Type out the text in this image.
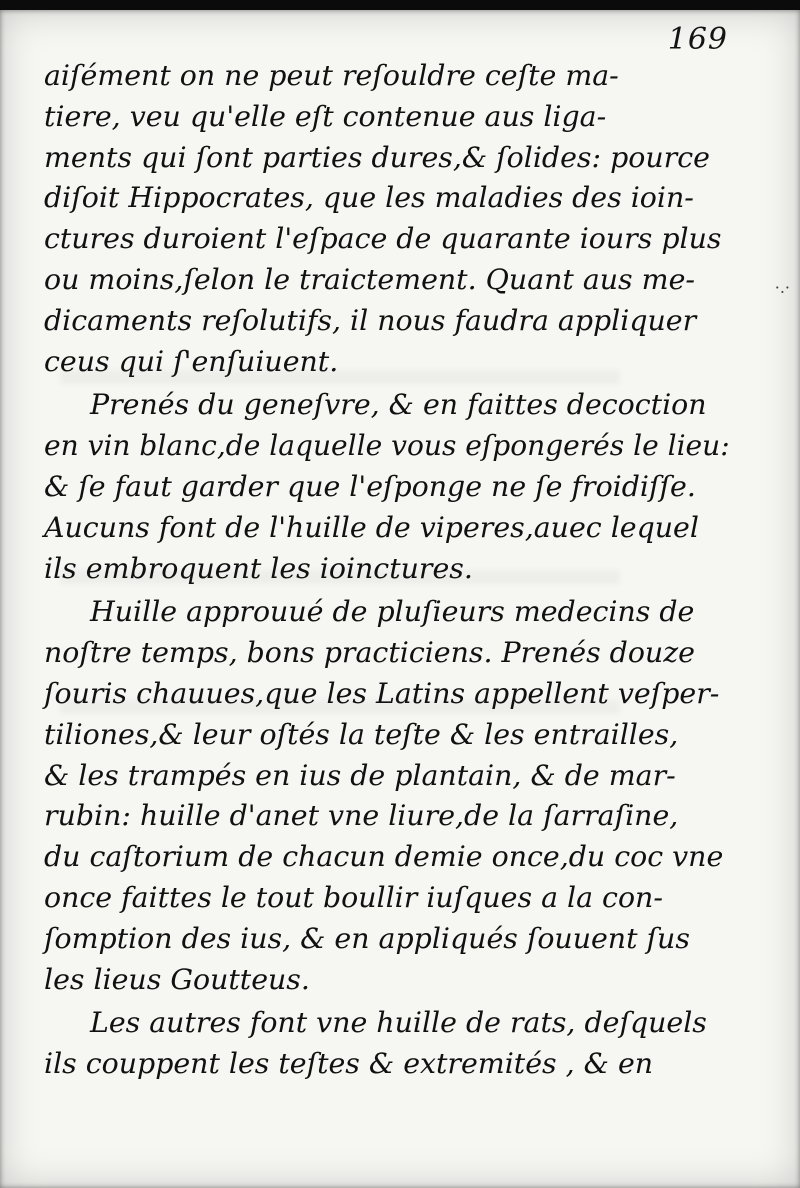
169
aiſément on ne peut reſouldre ceſte ma-
tiere, veu qu'elle eſt contenue aus liga-
ments qui ſont parties dures,& ſolides: pource
diſoit Hippocrates, que les maladies des ioin-
ctures duroient l'eſpace de quarante iours plus
ou moins,ſelon le traictement. Quant aus me-
dicaments reſolutifs, il nous faudra appliquer
ceus qui ſ'enſuiuent.
Prenés du geneſvre, & en faittes decoction
en vin blanc,de laquelle vous eſpongerés le lieu:
& ſe faut garder que l'eſponge ne ſe froidiſſe.
Aucuns font de l'huille de viperes,auec lequel
ils embroquent les ioinctures.
Huille approuué de pluſieurs medecins de
noſtre temps, bons practiciens. Prenés douze
ſouris chauues,que les Latins appellent veſper-
tiliones,& leur oſtés la teſte & les entrailles,
& les trampés en ius de plantain, & de mar-
rubin: huille d'anet vne liure,de la ſarraſine,
du caſtorium de chacun demie once,du coc vne
once faittes le tout boullir iuſques a la con-
ſomption des ius, & en appliqués ſouuent ſus
les lieus Goutteus.
Les autres font vne huille de rats, deſquels
ils couppent les teſtes & extremités , & en
·.·
